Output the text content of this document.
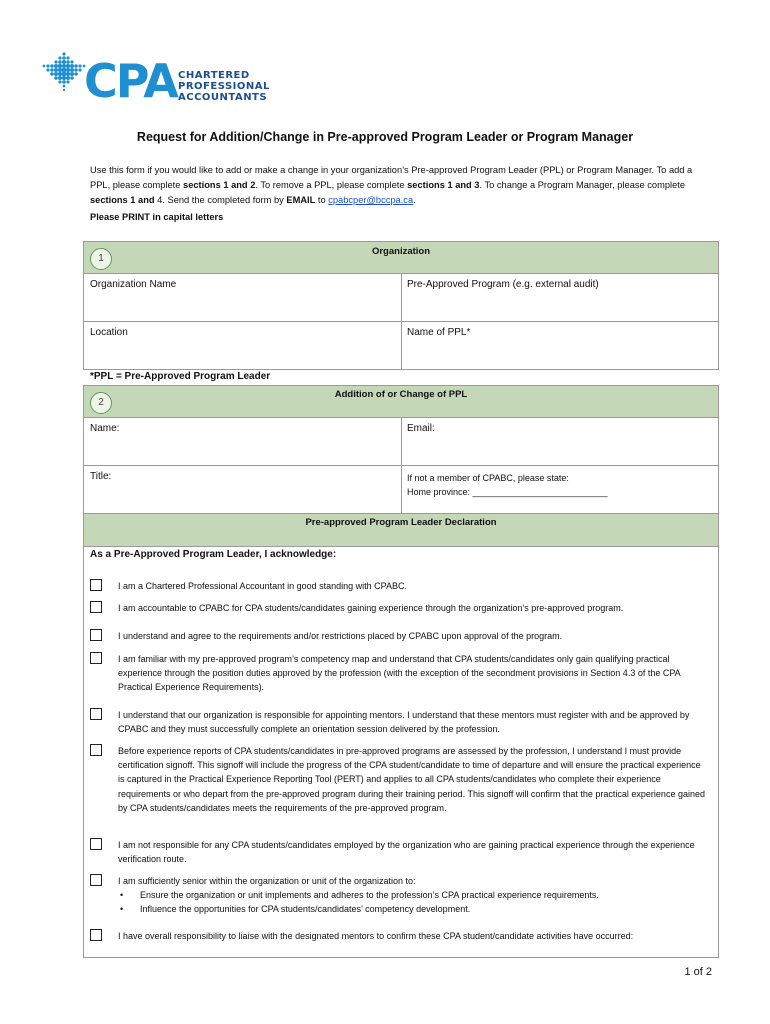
CPA CHARTERED
PROFESSIONAL
ACCOUNTANTS
Request for Addition/Change in Pre-approved Program Leader or Program Manager
Use this form if you would like to add or make a change in your organization’s Pre-approved Program Leader (PPL) or Program Manager. To add a PPL, please complete sections 1 and 2. To remove a PPL, please complete sections 1 and 3. To change a Program Manager, please complete sections 1 and 4. Send the completed form by EMAIL to cpabcper@bccpa.ca.
Please PRINT in capital letters
1
Organization
Organization Name	Pre-Approved Program (e.g. external audit)
Location	Name of PPL*
*PPL = Pre-Approved Program Leader
2
Addition of or Change of PPL
Name:	Email:
Title:	If not a member of CPABC, please state:
Home province: ___________________________
Pre-approved Program Leader Declaration
As a Pre-Approved Program Leader, I acknowledge:
I am a Chartered Professional Accountant in good standing with CPABC.
I am accountable to CPABC for CPA students/candidates gaining experience through the organization’s pre-approved program.
I understand and agree to the requirements and/or restrictions placed by CPABC upon approval of the program.
I am familiar with my pre-approved program’s competency map and understand that CPA students/candidates only gain qualifying practical experience through the position duties approved by the profession (with the exception of the secondment provisions in Section 4.3 of the CPA Practical Experience Requirements).
I understand that our organization is responsible for appointing mentors. I understand that these mentors must register with and be approved by CPABC and they must successfully complete an orientation session delivered by the profession.
Before experience reports of CPA students/candidates in pre-approved programs are assessed by the profession, I understand I must provide certification signoff. This signoff will include the progress of the CPA student/candidate to time of departure and will ensure the practical experience is captured in the Practical Experience Reporting Tool (PERT) and applies to all CPA students/candidates who complete their experience requirements or who depart from the pre-approved program during their training period. This signoff will confirm that the practical experience gained by CPA students/candidates meets the requirements of the pre-approved program.
I am not responsible for any CPA students/candidates employed by the organization who are gaining practical experience through the experience verification route.
I am sufficiently senior within the organization or unit of the organization to:
• Ensure the organization or unit implements and adheres to the profession’s CPA practical experience requirements.
• Influence the opportunities for CPA students/candidates’ competency development.
I have overall responsibility to liaise with the designated mentors to confirm these CPA student/candidate activities have occurred:
1 of 2
